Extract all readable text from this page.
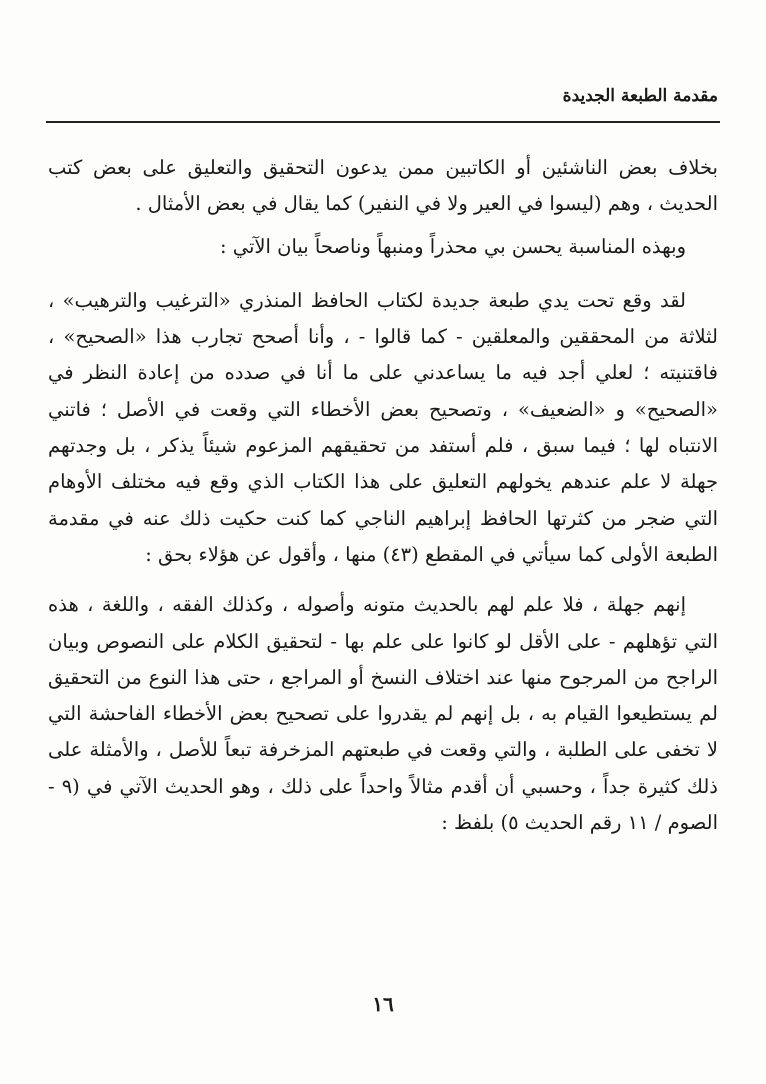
مقدمة الطبعة الجديدة

بخلاف بعض الناشئين أو الكاتبين ممن يدعون التحقيق والتعليق على بعض كتب الحديث ، وهم (ليسوا في العير ولا في النفير) كما يقال في بعض الأمثال .

وبهذه المناسبة يحسن بي محذراً ومنبهاً وناصحاً بيان الآتي :

لقد وقع تحت يدي طبعة جديدة لكتاب الحافظ المنذري «الترغيب والترهيب» ، لثلاثة من المحققين والمعلقين - كما قالوا - ، وأنا أصحح تجارب هذا «الصحيح» ، فاقتنيته ؛ لعلي أجد فيه ما يساعدني على ما أنا في صدده من إعادة النظر في «الصحيح» و «الضعيف» ، وتصحيح بعض الأخطاء التي وقعت في الأصل ؛ فاتني الانتباه لها ؛ فيما سبق ، فلم أستفد من تحقيقهم المزعوم شيئاً يذكر ، بل وجدتهم جهلة لا علم عندهم يخولهم التعليق على هذا الكتاب الذي وقع فيه مختلف الأوهام التي ضجر من كثرتها الحافظ إبراهيم الناجي كما كنت حكيت ذلك عنه في مقدمة الطبعة الأولى كما سيأتي في المقطع (٤٣) منها ، وأقول عن هؤلاء بحق :

إنهم جهلة ، فلا علم لهم بالحديث متونه وأصوله ، وكذلك الفقه ، واللغة ، هذه التي تؤهلهم - على الأقل لو كانوا على علم بها - لتحقيق الكلام على النصوص وبيان الراجح من المرجوح منها عند اختلاف النسخ أو المراجع ، حتى هذا النوع من التحقيق لم يستطيعوا القيام به ، بل إنهم لم يقدروا على تصحيح بعض الأخطاء الفاحشة التي لا تخفى على الطلبة ، والتي وقعت في طبعتهم المزخرفة تبعاً للأصل ، والأمثلة على ذلك كثيرة جداً ، وحسبي أن أقدم مثالاً واحداً على ذلك ، وهو الحديث الآتي في (٩ - الصوم / ١١ رقم الحديث ٥) بلفظ :

١٦
